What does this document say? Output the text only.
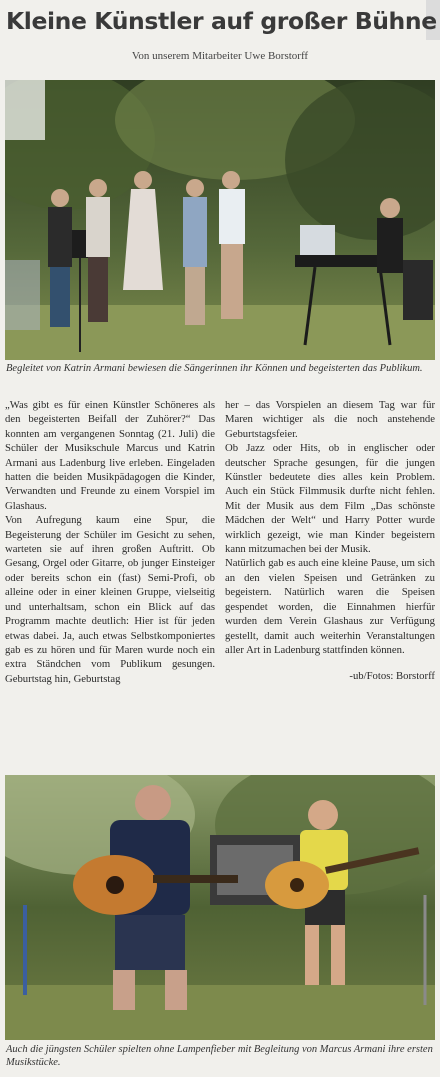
Kleine Künstler auf großer Bühne
Von unserem Mitarbeiter Uwe Borstorff
Begleitet von Katrin Armani bewiesen die Sängerinnen ihr Können und begeisterten das Publikum.

„Was gibt es für einen Künstler Schöneres als den begeisterten Beifall der Zuhörer?“ Das konnten am vergangenen Sonntag (21. Juli) die Schüler der Musikschule Marcus und Katrin Armani aus Ladenburg live erleben. Eingeladen hatten die beiden Musikpädagogen die Kinder, Verwandten und Freunde zu einem Vorspiel im Glashaus.

Von Aufregung kaum eine Spur, die Begeisterung der Schüler im Gesicht zu sehen, warteten sie auf ihren großen Auftritt. Ob Gesang, Orgel oder Gitarre, ob junger Einsteiger oder bereits schon ein (fast) Semi-Profi, ob alleine oder in einer kleinen Gruppe, vielseitig und unterhaltsam, schon ein Blick auf das Programm machte deutlich: Hier ist für jeden etwas dabei. Ja, auch etwas Selbstkomponiertes gab es zu hören und für Maren wurde noch ein extra Ständchen vom Publikum gesungen. Geburtstag hin, Geburtstag

her – das Vorspielen an diesem Tag war für Maren wichtiger als die noch anstehende Geburtstagsfeier.

Ob Jazz oder Hits, ob in englischer oder deutscher Sprache gesungen, für die jungen Künstler bedeutete dies alles kein Problem. Auch ein Stück Filmmusik durfte nicht fehlen. Mit der Musik aus dem Film „Das schönste Mädchen der Welt“ und Harry Potter wurde wirklich gezeigt, wie man Kinder begeistern kann mitzumachen bei der Musik.

Natürlich gab es auch eine kleine Pause, um sich an den vielen Speisen und Getränken zu begeistern. Natürlich waren die Speisen gespendet worden, die Einnahmen hierfür wurden dem Verein Glashaus zur Verfügung gestellt, damit auch weiterhin Veranstaltungen aller Art in Ladenburg stattfinden können.

-ub/Fotos: Borstorff

Auch die jüngsten Schüler spielten ohne Lampenfieber mit Begleitung von Marcus Armani ihre ersten Musikstücke.
